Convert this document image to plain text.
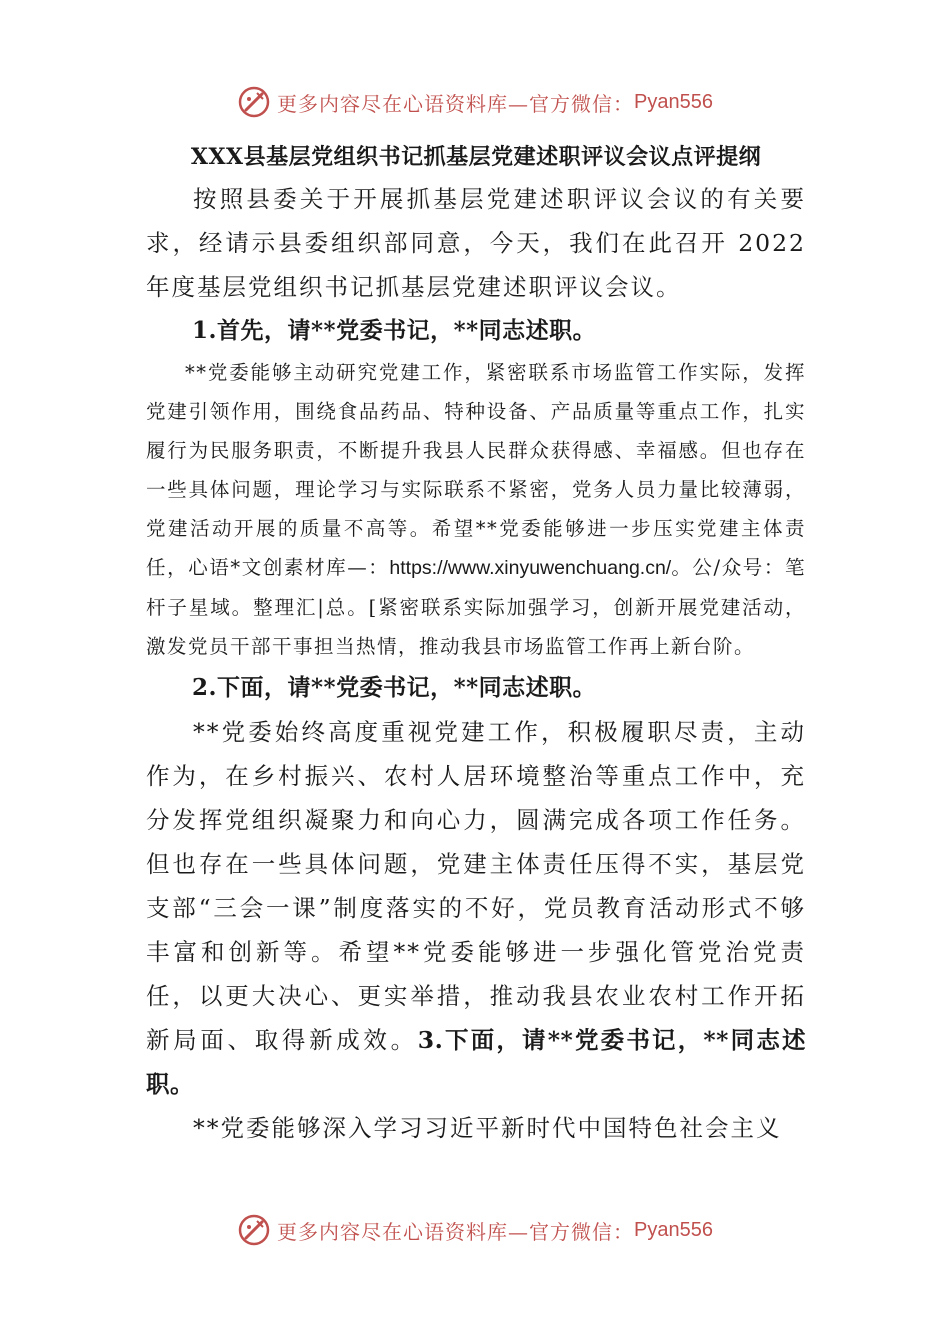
更多内容尽在心语资料库—官方微信： Pyan556
XXX县基层党组织书记抓基层党建述职评议会议点评提纲

按照县委关于开展抓基层党建述职评议会议的有关要求，经请示县委组织部同意，今天，我们在此召开 2022 年度基层党组织书记抓基层党建述职评议会议。

1.首先，请**党委书记，**同志述职。

**党委能够主动研究党建工作，紧密联系市场监管工作实际，发挥党建引领作用，围绕食品药品、特种设备、产品质量等重点工作，扎实履行为民服务职责，不断提升我县人民群众获得感、幸福感。但也存在一些具体问题，理论学习与实际联系不紧密，党务人员力量比较薄弱，党建活动开展的质量不高等。希望**党委能够进一步压实党建主体责任，心语*文创素材库—：https://www.xinyuwenchuang.cn/。公/众号：笔杆子星域。整理汇|总。[紧密联系实际加强学习，创新开展党建活动，激发党员干部干事担当热情，推动我县市场监管工作再上新台阶。

2.下面，请**党委书记，**同志述职。

**党委始终高度重视党建工作，积极履职尽责，主动作为，在乡村振兴、农村人居环境整治等重点工作中，充分发挥党组织凝聚力和向心力，圆满完成各项工作任务。但也存在一些具体问题，党建主体责任压得不实，基层党支部“三会一课”制度落实的不好，党员教育活动形式不够丰富和创新等。希望**党委能够进一步强化管党治党责任，以更大决心、更实举措，推动我县农业农村工作开拓新局面、取得新成效。3.下面，请**党委书记，**同志述职。

**党委能够深入学习习近平新时代中国特色社会主义

更多内容尽在心语资料库—官方微信： Pyan556
